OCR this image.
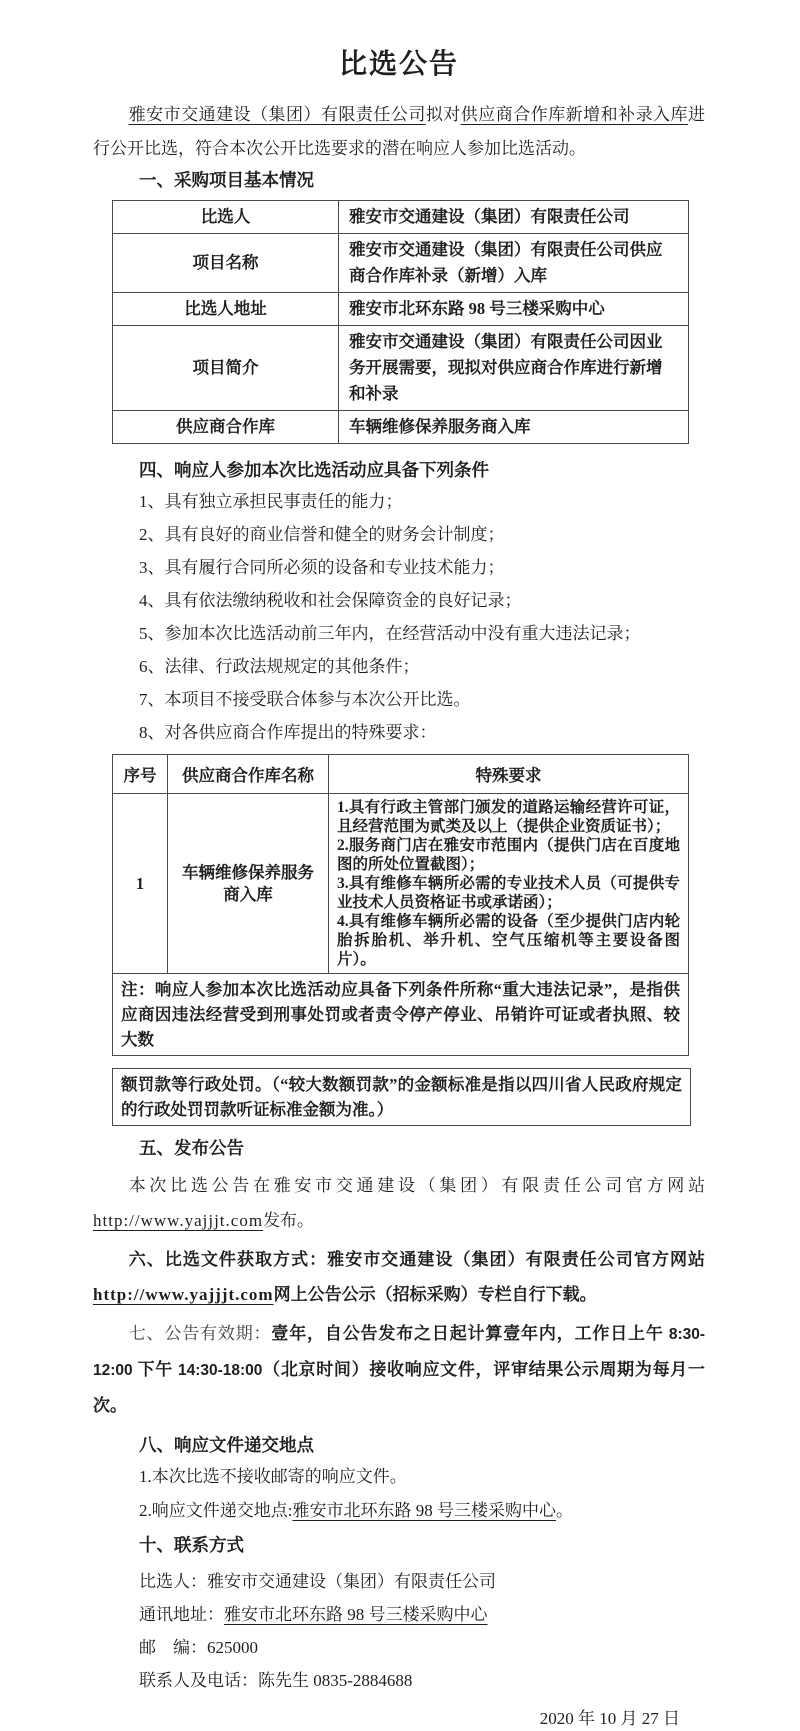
比选公告

雅安市交通建设（集团）有限责任公司拟对供应商合作库新增和补录入库进行公开比选，符合本次公开比选要求的潜在响应人参加比选活动。

一、采购项目基本情况
比选人	雅安市交通建设（集团）有限责任公司
项目名称	雅安市交通建设（集团）有限责任公司供应商合作库补录（新增）入库
比选人地址	雅安市北环东路 98 号三楼采购中心
项目简介	雅安市交通建设（集团）有限责任公司因业务开展需要，现拟对供应商合作库进行新增和补录
供应商合作库	车辆维修保养服务商入库
四、响应人参加本次比选活动应具备下列条件

1、具有独立承担民事责任的能力；

2、具有良好的商业信誉和健全的财务会计制度；

3、具有履行合同所必须的设备和专业技术能力；

4、具有依法缴纳税收和社会保障资金的良好记录；

5、参加本次比选活动前三年内，在经营活动中没有重大违法记录；

6、法律、行政法规规定的其他条件；

7、本项目不接受联合体参与本次公开比选。

8、对各供应商合作库提出的特殊要求：

序号	供应商合作库名称	特殊要求
1	车辆维修保养服务商入库	1.具有行政主管部门颁发的道路运输经营许可证，且经营范围为贰类及以上（提供企业资质证书）；
2.服务商门店在雅安市范围内（提供门店在百度地图的所处位置截图）；
3.具有维修车辆所必需的专业技术人员（可提供专业技术人员资格证书或承诺函）；
4.具有维修车辆所必需的设备（至少提供门店内轮胎拆胎机、举升机、空气压缩机等主要设备图片）。

注：响应人参加本次比选活动应具备下列条件所称“重大违法记录”，是指供应商因违法经营受到刑事处罚或者责令停产停业、吊销许可证或者执照、较大数		
额罚款等行政处罚。（“较大数额罚款”的金额标准是指以四川省人民政府规定的行政处罚罚款听证标准金额为准。）
五、发布公告

本次比选公告在雅安市交通建设（集团）有限责任公司官方网站http://www.yajjjt.com发布。

六、比选文件获取方式：雅安市交通建设（集团）有限责任公司官方网站http://www.yajjjt.com网上公告公示（招标采购）专栏自行下载。

七、公告有效期：壹年，自公告发布之日起计算壹年内，工作日上午 8:30-12:00 下午 14:30-18:00（北京时间）接收响应文件，评审结果公示周期为每月一次。

八、响应文件递交地点

1.本次比选不接收邮寄的响应文件。

2.响应文件递交地点:雅安市北环东路 98 号三楼采购中心。

十、联系方式

比选人：雅安市交通建设（集团）有限责任公司

通讯地址：雅安市北环东路 98 号三楼采购中心

邮　编：625000

联系人及电话：陈先生 0835-2884688

2020 年 10 月 27 日
